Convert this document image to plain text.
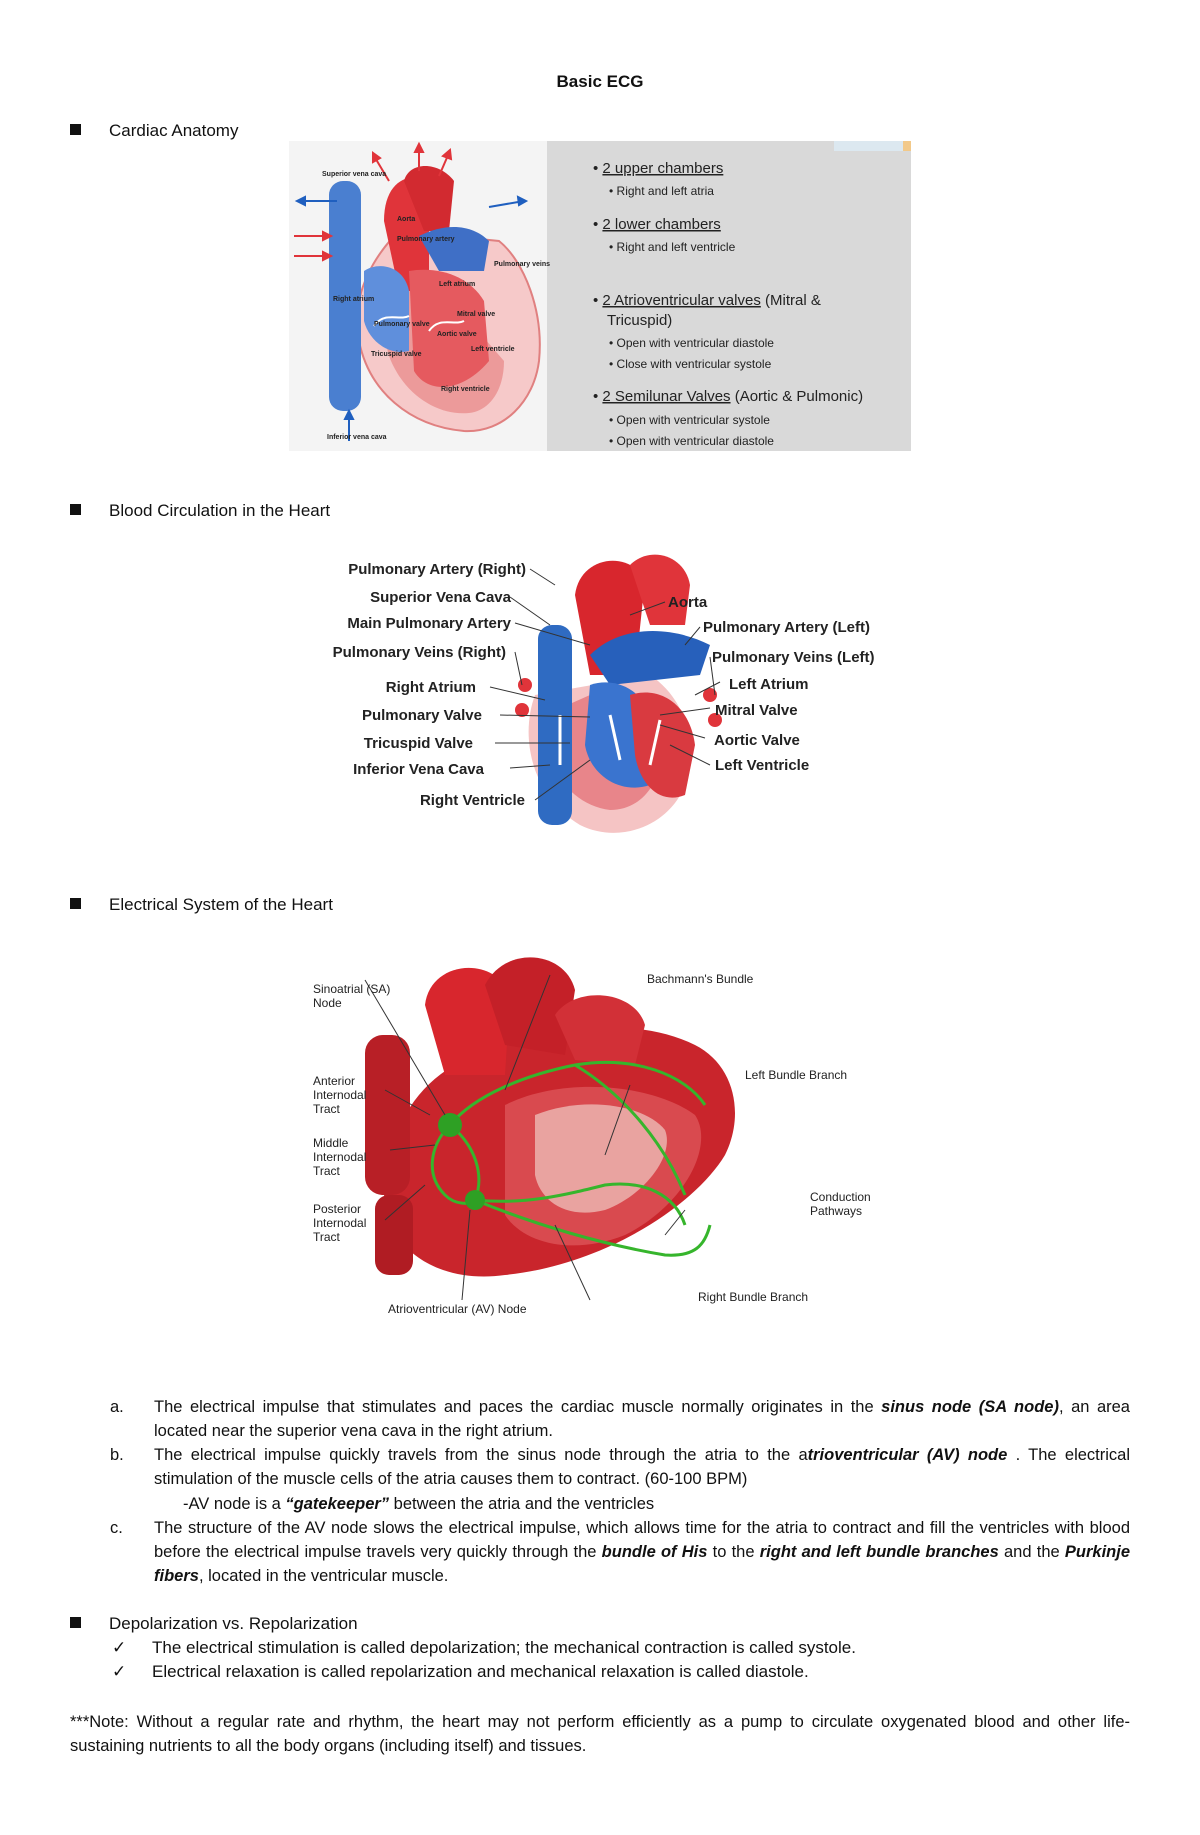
Basic ECG
Cardiac Anatomy
Superior vena cava
Aorta
Pulmonary artery
Pulmonary veins
Left atrium
Right atrium
Pulmonary valve
Mitral valve
Aortic valve
Tricuspid valve
Left ventricle
Right ventricle
Inferior vena cava
• 2 upper chambers
• Right and left atria
• 2 lower chambers
• Right and left ventricle
• 2 Atrioventricular valves (Mitral &
Tricuspid)
• Open with ventricular diastole
• Close with ventricular systole
• 2 Semilunar Valves (Aortic & Pulmonic)
• Open with ventricular systole
• Open with ventricular diastole
Blood Circulation in the Heart
Pulmonary Artery (Right)
Superior Vena Cava
Main Pulmonary Artery
Pulmonary Veins (Right)
Right Atrium
Pulmonary Valve
Tricuspid Valve
Inferior Vena Cava
Right Ventricle
Aorta
Pulmonary Artery (Left)
Pulmonary Veins (Left)
Left Atrium
Mitral Valve
Aortic Valve
Left Ventricle
Electrical System of the Heart
Sinoatrial (SA)
Node
Anterior
Internodal
Tract
Middle
Internodal
Tract
Posterior
Internodal
Tract
Bachmann's Bundle
Left Bundle Branch
Conduction
Pathways
Atrioventricular (AV) Node
Right Bundle Branch
a. The electrical impulse that stimulates and paces the cardiac muscle normally originates in the sinus node (SA node), an area located near the superior vena cava in the right atrium.
b. The electrical impulse quickly travels from the sinus node through the atria to the atrioventricular (AV) node . The electrical stimulation of the muscle cells of the atria causes them to contract. (60-100 BPM)
-AV node is a “gatekeeper” between the atria and the ventricles
c. The structure of the AV node slows the electrical impulse, which allows time for the atria to contract and fill the ventricles with blood before the electrical impulse travels very quickly through the bundle of His to the right and left bundle branches and the Purkinje fibers, located in the ventricular muscle.
Depolarization vs. Repolarization
✓ The electrical stimulation is called depolarization; the mechanical contraction is called systole.
✓ Electrical relaxation is called repolarization and mechanical relaxation is called diastole.
***Note: Without a regular rate and rhythm, the heart may not perform efficiently as a pump to circulate oxygenated blood and other life-sustaining nutrients to all the body organs (including itself) and tissues.
